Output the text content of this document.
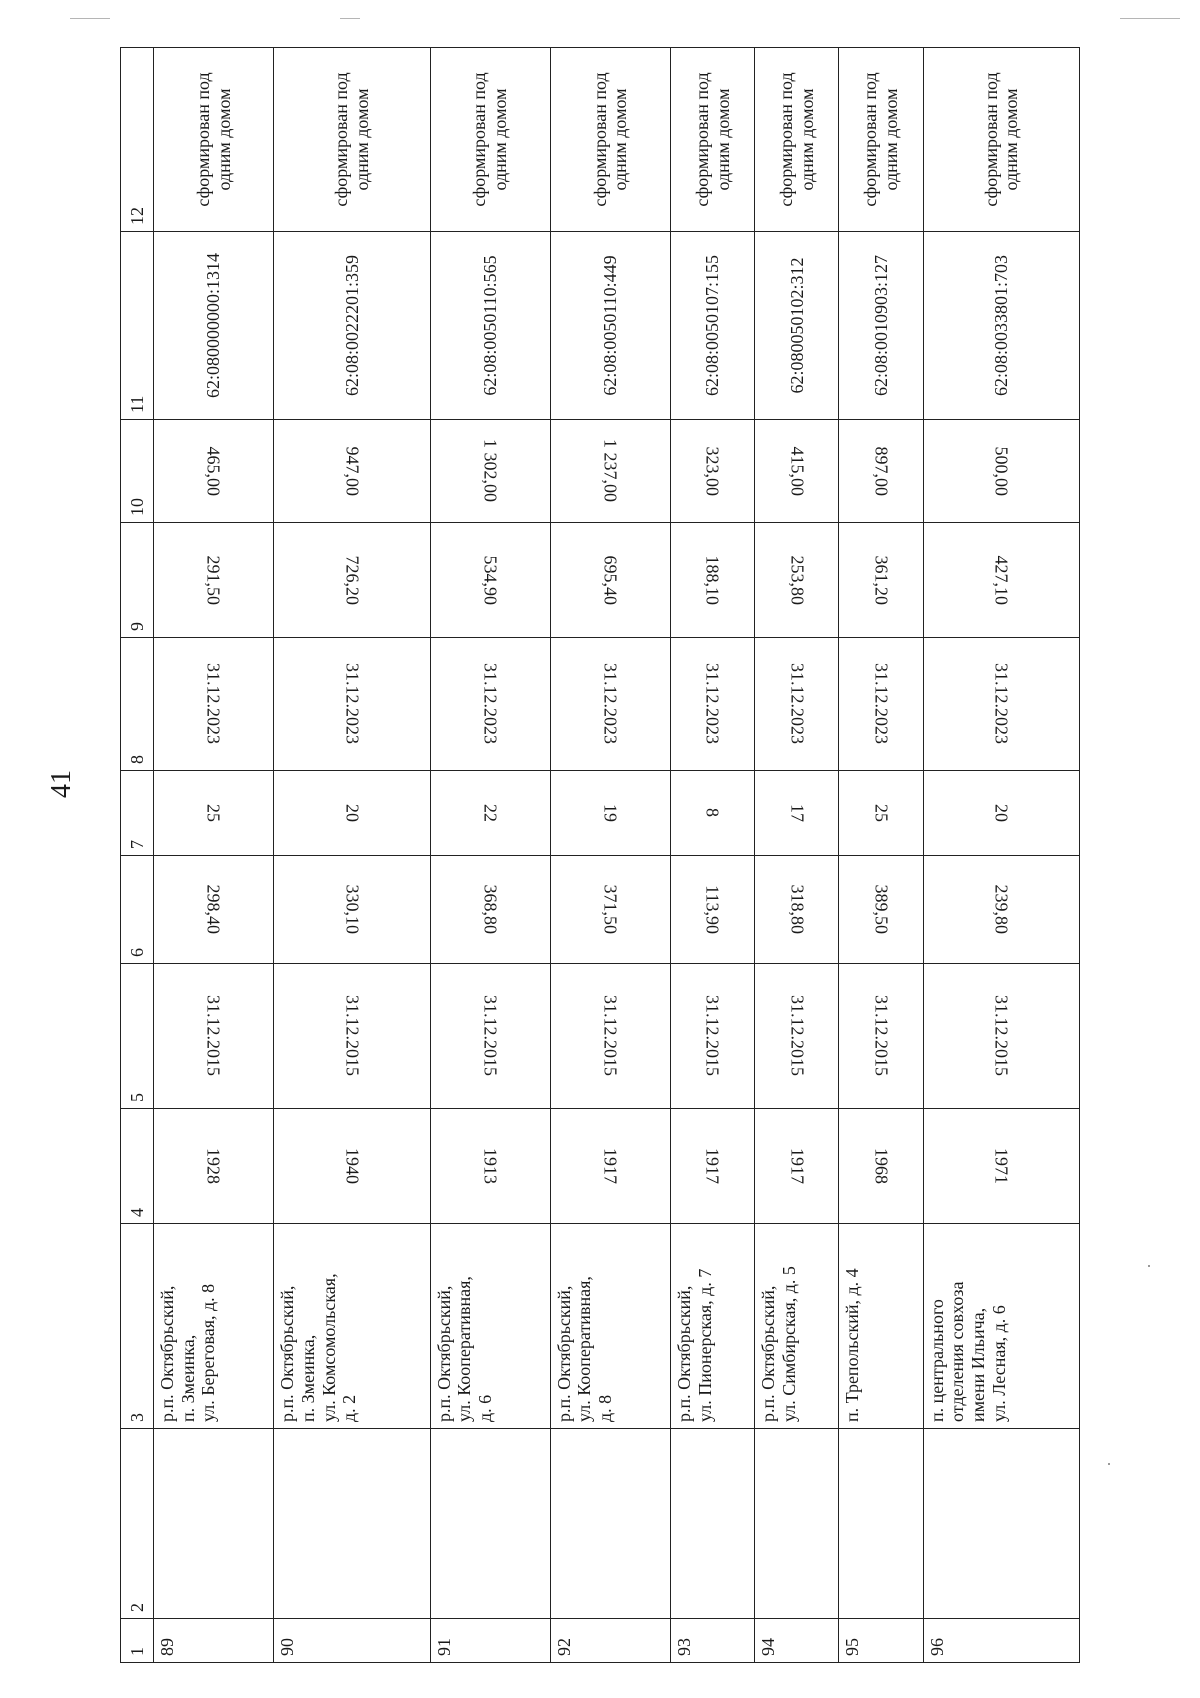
41
1	2	3	4	5	6	7	8	9	10	11	12
89		р.п. Октябрьский, п. Змеинка, ул. Береговая, д. 8	1928	31.12.2015	298,40	25	31.12.2023	291,50	465,00	62:080000000:1314	сформирован под одним домом

90		р.п. Октябрьский, п. Змеинка, ул. Комсомольская, д. 2	1940	31.12.2015	330,10	20	31.12.2023	726,20	947,00	62:08:0022201:359	сформирован под одним домом

91		р.п. Октябрьский, ул. Кооперативная, д. 6	1913	31.12.2015	368,80	22	31.12.2023	534,90	1 302,00	62:08:0050110:565	сформирован под одним домом

92		р.п. Октябрьский, ул. Кооперативная, д. 8	1917	31.12.2015	371,50	19	31.12.2023	695,40	1 237,00	62:08:0050110:449	сформирован под одним домом

93		р.п. Октябрьский, ул. Пионерская, д. 7	1917	31.12.2015	113,90	8	31.12.2023	188,10	323,00	62:08:0050107:155	сформирован под одним домом

94		р.п. Октябрьский, ул. Симбирская, д. 5	1917	31.12.2015	318,80	17	31.12.2023	253,80	415,00	62:080050102:312	сформирован под одним домом

95		п. Трепольский, д. 4	1968	31.12.2015	389,50	25	31.12.2023	361,20	897,00	62:08:0010903:127	сформирован под одним домом

96		п. центрального отделения совхоза имени Ильича, ул. Лесная, д. 6	1971	31.12.2015	239,80	20	31.12.2023	427,10	500,00	62:08:0033801:703	сформирован под одним домом
